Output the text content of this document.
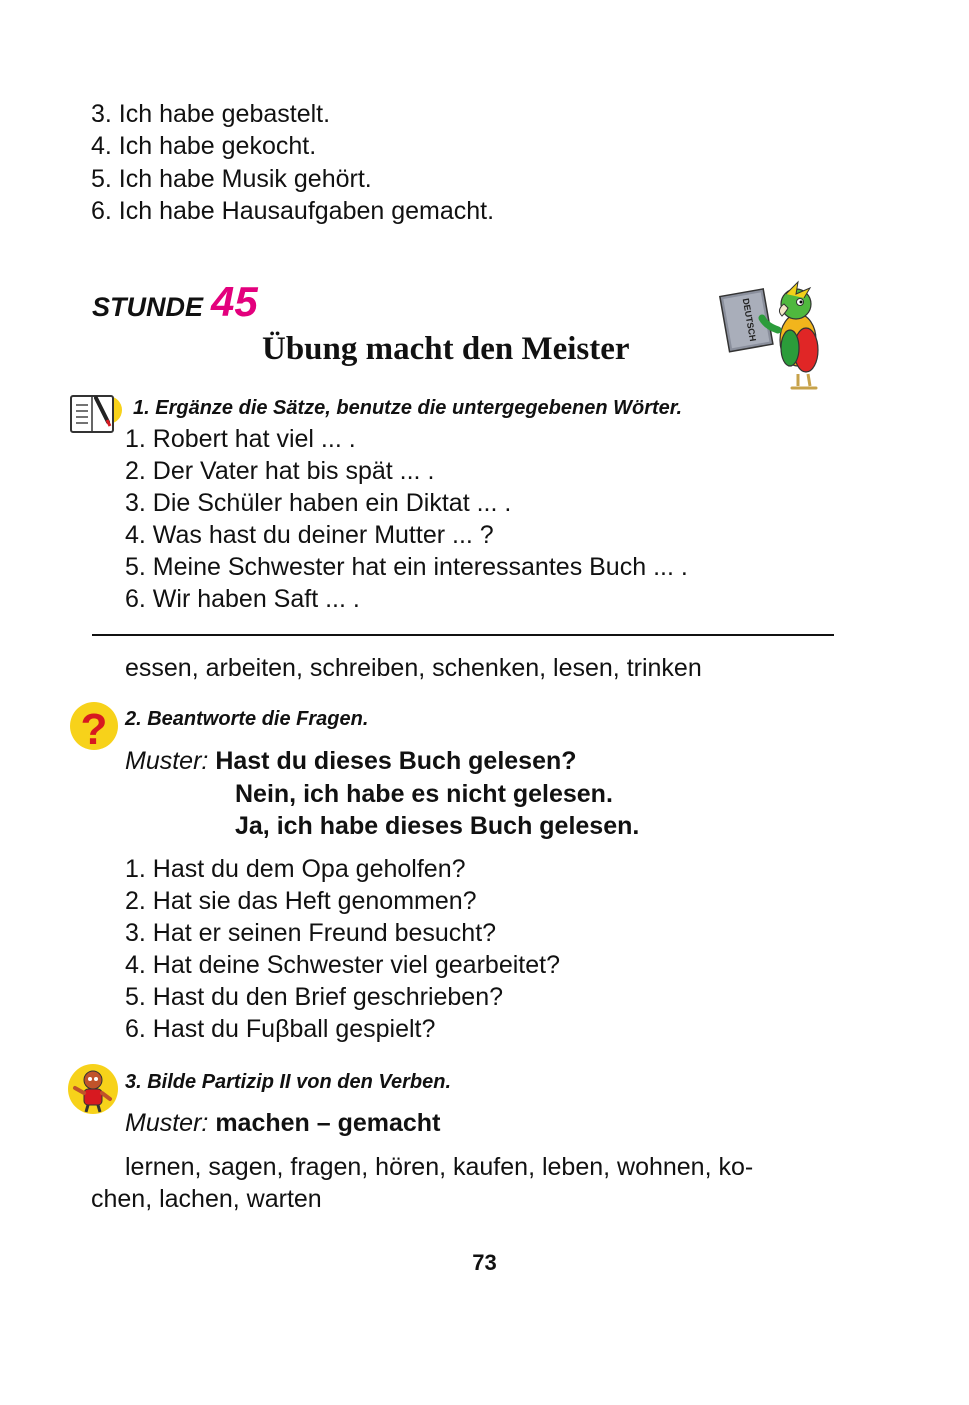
3. Ich habe gebastelt.
4. Ich habe gekocht.
5. Ich habe Musik gehört.
6. Ich habe Hausaufgaben gemacht.
STUNDE 45
Übung macht den Meister
DEUTSCH
1. Ergänze die Sätze, benutze die untergegebenen Wörter.
1. Robert hat viel ... .
2. Der Vater hat bis spät ... .
3. Die Schüler haben ein Diktat ... .
4. Was hast du deiner Mutter ... ?
5. Meine Schwester hat ein interessantes Buch ... .
6. Wir haben Saft ... .
essen, arbeiten, schreiben, schenken, lesen, trinken
? 2. Beantworte die Fragen.
Muster: Hast du dieses Buch gelesen?
Nein, ich habe es nicht gelesen.
Ja, ich habe dieses Buch gelesen.
1. Hast du dem Opa geholfen?
2. Hat sie das Heft genommen?
3. Hat er seinen Freund besucht?
4. Hat deine Schwester viel gearbeitet?
5. Hast du den Brief geschrieben?
6. Hast du Fuβball gespielt?
3. Bilde Partizip II von den Verben.
Muster: machen – gemacht
lernen, sagen, fragen, hören, kaufen, leben, wohnen, ko-
chen, lachen, warten
73
